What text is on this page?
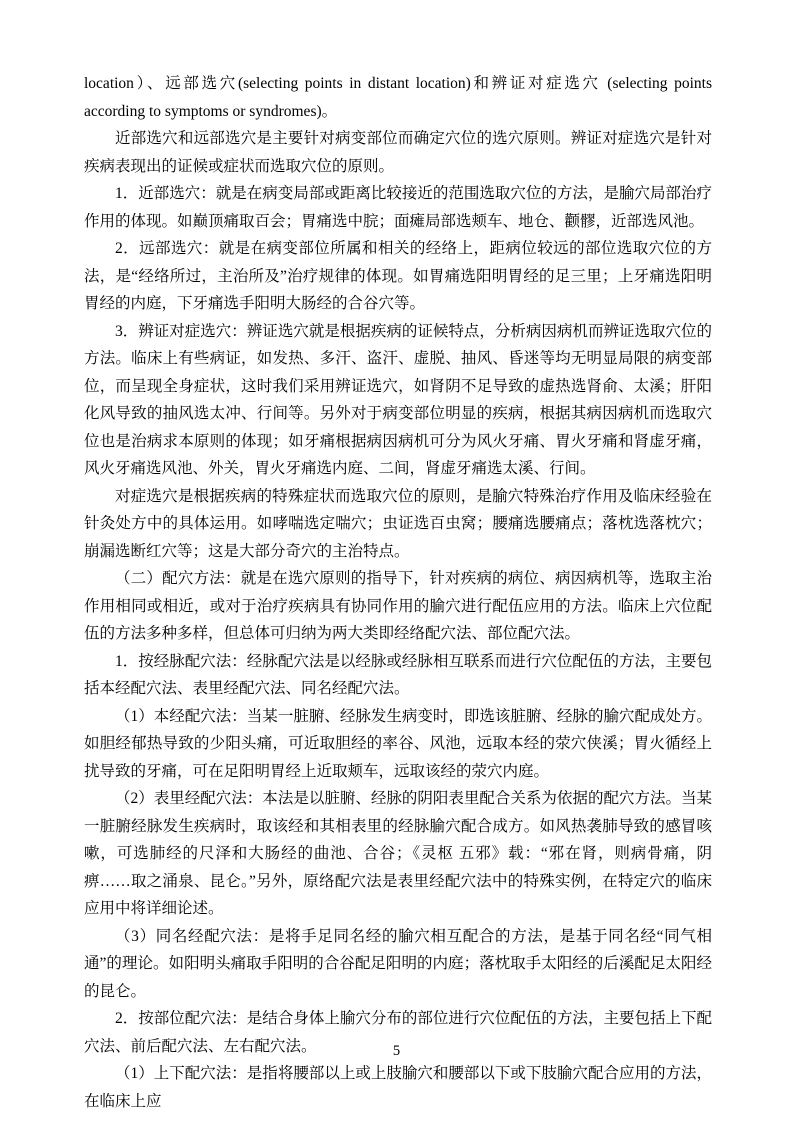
location）、远部选穴(selecting points in distant location)和辨证对症选穴 (selecting points according to symptoms or syndromes)。

近部选穴和远部选穴是主要针对病变部位而确定穴位的选穴原则。辨证对症选穴是针对疾病表现出的证候或症状而选取穴位的原则。

1．近部选穴：就是在病变局部或距离比较接近的范围选取穴位的方法，是腧穴局部治疗作用的体现。如巅顶痛取百会；胃痛选中脘；面瘫局部选颊车、地仓、颧髎，近部选风池。

2．远部选穴：就是在病变部位所属和相关的经络上，距病位较远的部位选取穴位的方法，是“经络所过，主治所及”治疗规律的体现。如胃痛选阳明胃经的足三里；上牙痛选阳明胃经的内庭，下牙痛选手阳明大肠经的合谷穴等。

3．辨证对症选穴：辨证选穴就是根据疾病的证候特点，分析病因病机而辨证选取穴位的方法。临床上有些病证，如发热、多汗、盗汗、虚脱、抽风、昏迷等均无明显局限的病变部位，而呈现全身症状，这时我们采用辨证选穴，如肾阴不足导致的虚热选肾俞、太溪；肝阳化风导致的抽风选太冲、行间等。另外对于病变部位明显的疾病，根据其病因病机而选取穴位也是治病求本原则的体现；如牙痛根据病因病机可分为风火牙痛、胃火牙痛和肾虚牙痛，风火牙痛选风池、外关，胃火牙痛选内庭、二间，肾虚牙痛选太溪、行间。

对症选穴是根据疾病的特殊症状而选取穴位的原则，是腧穴特殊治疗作用及临床经验在针灸处方中的具体运用。如哮喘选定喘穴；虫证选百虫窝；腰痛选腰痛点；落枕选落枕穴；崩漏选断红穴等；这是大部分奇穴的主治特点。

（二）配穴方法：就是在选穴原则的指导下，针对疾病的病位、病因病机等，选取主治作用相同或相近，或对于治疗疾病具有协同作用的腧穴进行配伍应用的方法。临床上穴位配伍的方法多种多样，但总体可归纳为两大类即经络配穴法、部位配穴法。

1．按经脉配穴法：经脉配穴法是以经脉或经脉相互联系而进行穴位配伍的方法，主要包括本经配穴法、表里经配穴法、同名经配穴法。

（1）本经配穴法：当某一脏腑、经脉发生病变时，即选该脏腑、经脉的腧穴配成处方。如胆经郁热导致的少阳头痛，可近取胆经的率谷、风池，远取本经的荥穴侠溪；胃火循经上扰导致的牙痛，可在足阳明胃经上近取颊车，远取该经的荥穴内庭。

（2）表里经配穴法：本法是以脏腑、经脉的阴阳表里配合关系为依据的配穴方法。当某一脏腑经脉发生疾病时，取该经和其相表里的经脉腧穴配合成方。如风热袭肺导致的感冒咳嗽，可选肺经的尺泽和大肠经的曲池、合谷；《灵枢 五邪》载：“邪在肾，则病骨痛，阴痹……取之涌泉、昆仑。”另外，原络配穴法是表里经配穴法中的特殊实例，在特定穴的临床应用中将详细论述。

（3）同名经配穴法：是将手足同名经的腧穴相互配合的方法，是基于同名经“同气相通”的理论。如阳明头痛取手阳明的合谷配足阳明的内庭；落枕取手太阳经的后溪配足太阳经的昆仑。

2．按部位配穴法：是结合身体上腧穴分布的部位进行穴位配伍的方法，主要包括上下配穴法、前后配穴法、左右配穴法。

（1）上下配穴法：是指将腰部以上或上肢腧穴和腰部以下或下肢腧穴配合应用的方法，在临床上应

5
